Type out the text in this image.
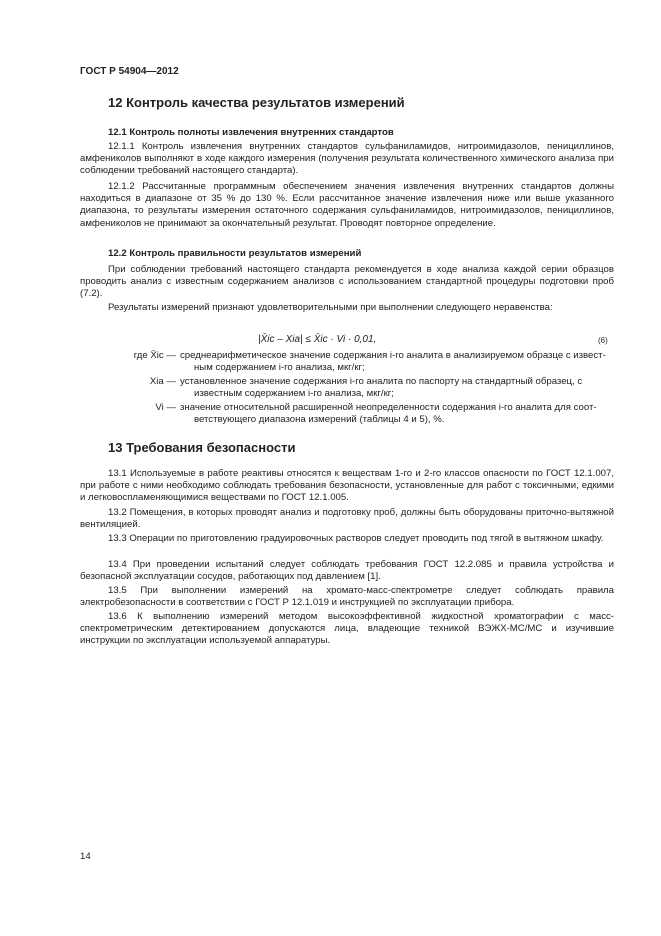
ГОСТ Р 54904—2012
12 Контроль качества результатов измерений
12.1 Контроль полноты извлечения внутренних стандартов
12.1.1 Контроль извлечения внутренних стандартов сульфаниламидов, нитроимидазолов, пенициллинов, амфениколов выполняют в ходе каждого измерения (получения результата количественного химического анализа при соблюдении требований настоящего стандарта).
12.1.2 Рассчитанные программным обеспечением значения извлечения внутренних стандартов должны находиться в диапазоне от 35 % до 130 %. Если рассчитанное значение извлечения ниже или выше указанного диапазона, то результаты измерения остаточного содержания сульфаниламидов, нитроимидазолов, пенициллинов, амфениколов не принимают за окончательный результат. Проводят повторное определение.
12.2 Контроль правильности результатов измерений
При соблюдении требований настоящего стандарта рекомендуется в ходе анализа каждой серии образцов проводить анализ с известным содержанием анализов с использованием стандартной процедуры подготовки проб (7.2).
Результаты измерений признают удовлетворительными при выполнении следующего неравенства:
|X̄ic – Xia| ≤ X̄ic · Vi · 0,01,	(6)
где X̄ic — среднеарифметическое значение содержания i-го аналита в анализируемом образце с извест-
ным содержанием i-го анализа, мкг/кг;
Xia — установленное значение содержания i-го аналита по паспорту на стандартный образец, с
известным содержанием i-го анализа, мкг/кг;
Vi — значение относительной расширенной неопределенности содержания i-го аналита для соот-
ветствующего диапазона измерений (таблицы 4 и 5), %.
13 Требования безопасности
13.1 Используемые в работе реактивы относятся к веществам 1-го и 2-го классов опасности по ГОСТ 12.1.007, при работе с ними необходимо соблюдать требования безопасности, установленные для работ с токсичными, едкими и легковоспламеняющимися веществами по ГОСТ 12.1.005.
13.2 Помещения, в которых проводят анализ и подготовку проб, должны быть оборудованы приточно-вытяжной вентиляцией.
13.3 Операции по приготовлению градуировочных растворов следует проводить под тягой в вытяжном шкафу.
13.4 При проведении испытаний следует соблюдать требования ГОСТ 12.2.085 и правила устройства и безопасной эксплуатации сосудов, работающих под давлением [1].
13.5 При выполнении измерений на хромато-масс-спектрометре следует соблюдать правила электробезопасности в соответствии с ГОСТ Р 12.1.019 и инструкцией по эксплуатации прибора.
13.6 К выполнению измерений методом высокоэффективной жидкостной хроматографии с масс-спектрометрическим детектированием допускаются лица, владеющие техникой ВЭЖХ-МС/МС и изучившие инструкции по эксплуатации используемой аппаратуры.
14
